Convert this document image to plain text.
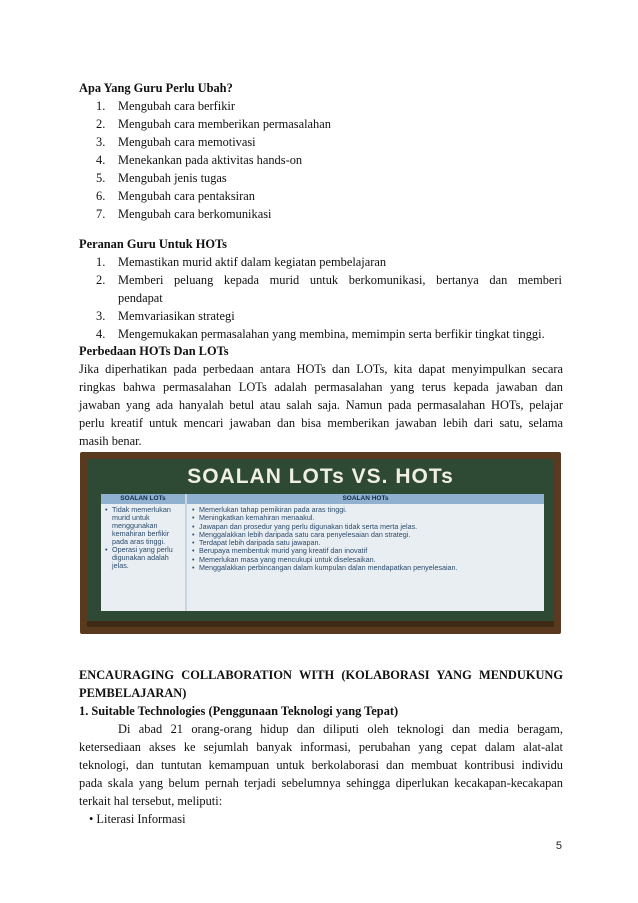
Apa Yang Guru Perlu Ubah?
1. Mengubah cara berfikir
2. Mengubah cara memberikan permasalahan
3. Mengubah cara memotivasi
4. Menekankan pada aktivitas hands-on
5. Mengubah jenis tugas
6. Mengubah cara pentaksiran
7. Mengubah cara berkomunikasi
Peranan Guru Untuk HOTs
1. Memastikan murid aktif dalam kegiatan pembelajaran
2. Memberi peluang kepada murid untuk berkomunikasi, bertanya dan memberi
pendapat
3. Memvariasikan strategi
4. Mengemukakan permasalahan yang membina, memimpin serta berfikir tingkat tinggi.
Perbedaan HOTs Dan LOTs
Jika diperhatikan pada perbedaan antara HOTs dan LOTs, kita dapat menyimpulkan secara
ringkas bahwa permasalahan LOTs adalah permasalahan yang terus kepada jawaban dan
jawaban yang ada hanyalah betul atau salah saja. Namun pada permasalahan HOTs, pelajar
perlu kreatif untuk mencari jawaban dan bisa memberikan jawaban lebih dari satu, selama
SOALAN LOTs VS. HOTs
SOALAN LOTs	SOALAN HOTs
• Tidak memerlukan murid untuk menggunakan kemahiran berfikir pada aras tinggi.
• Operasi yang perlu digunakan adalah jelas.
• Memerlukan tahap pemikiran pada aras tinggi.
• Meningkatkan kemahiran menaakul.
• Jawapan dan prosedur yang perlu digunakan tidak serta merta jelas.
• Menggalakkan lebih daripada satu cara penyelesaian dan strategi.
• Terdapat lebih daripada satu jawapan.
• Berupaya membentuk murid yang kreatif dan inovatif
• Memerlukan masa yang mencukupi untuk diselesaikan.
• Menggalakkan perbincangan dalam kumpulan dalan mendapatkan penyelesaian.
ENCAURAGING COLLABORATION WITH (KOLABORASI YANG MENDUKUNG
PEMBELAJARAN)
1. Suitable Technologies (Penggunaan Teknologi yang Tepat)
Di abad 21 orang-orang hidup dan diliputi oleh teknologi dan media beragam,
ketersediaan akses ke sejumlah banyak informasi, perubahan yang cepat dalam alat-alat
teknologi, dan tuntutan kemampuan untuk berkolaborasi dan membuat kontribusi individu
pada skala yang belum pernah terjadi sebelumnya sehingga diperlukan kecakapan-kecakapan
terkait hal tersebut, meliputi:
• Literasi Informasi
5
masih benar.
